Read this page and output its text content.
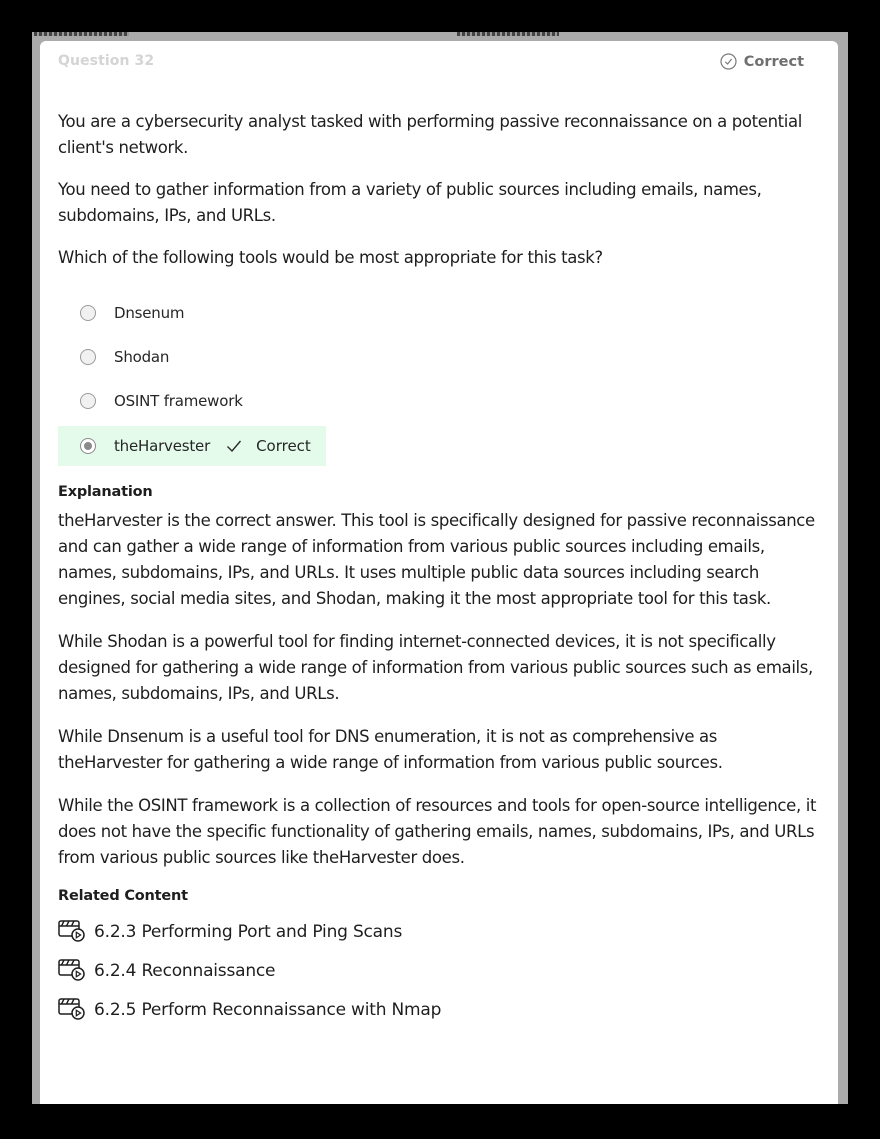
Question 32	Correct

You are a cybersecurity analyst tasked with performing passive reconnaissance on a potential client's network.

You need to gather information from a variety of public sources including emails, names, subdomains, IPs, and URLs.

Which of the following tools would be most appropriate for this task?

Dnsenum
Shodan
OSINT framework
theHarvester	Correct
Explanation

theHarvester is the correct answer. This tool is specifically designed for passive reconnaissance and can gather a wide range of information from various public sources including emails, names, subdomains, IPs, and URLs. It uses multiple public data sources including search engines, social media sites, and Shodan, making it the most appropriate tool for this task.

While Shodan is a powerful tool for finding internet-connected devices, it is not specifically designed for gathering a wide range of information from various public sources such as emails, names, subdomains, IPs, and URLs.

While Dnsenum is a useful tool for DNS enumeration, it is not as comprehensive as theHarvester for gathering a wide range of information from various public sources.

While the OSINT framework is a collection of resources and tools for open-source intelligence, it does not have the specific functionality of gathering emails, names, subdomains, IPs, and URLs from various public sources like theHarvester does.

Related Content
6.2.3 Performing Port and Ping Scans
6.2.4 Reconnaissance
6.2.5 Perform Reconnaissance with Nmap
